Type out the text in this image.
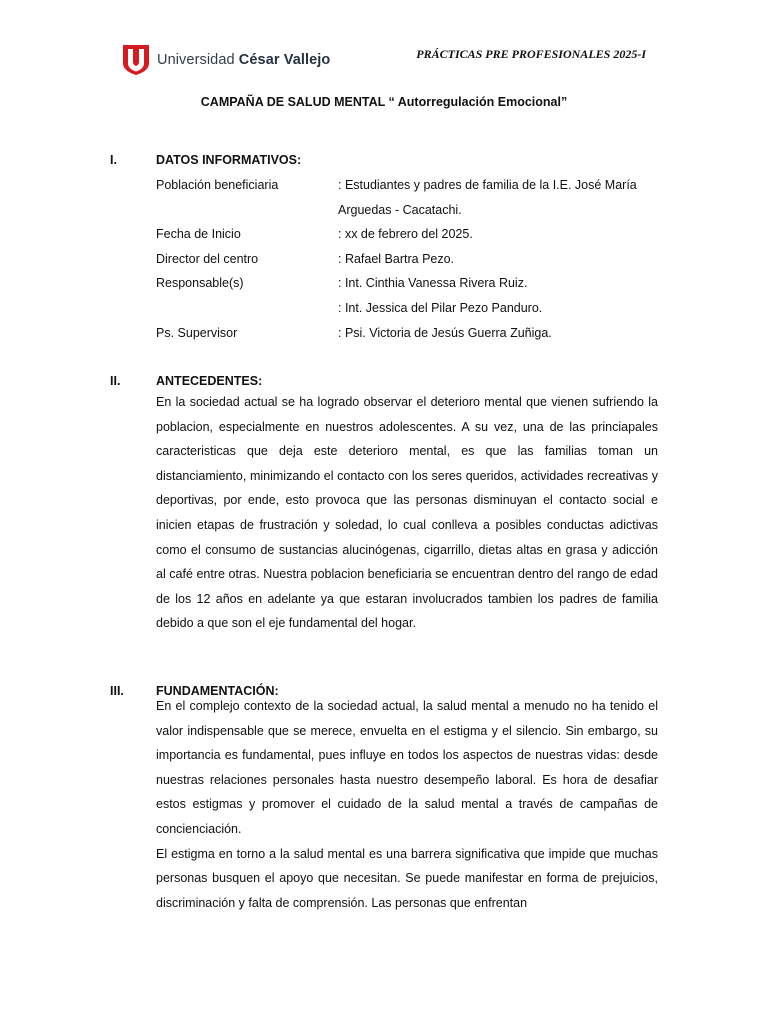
Universidad César Vallejo	PRÁCTICAS PRE PROFESIONALES 2025-I
CAMPAÑA DE SALUD MENTAL “ Autorregulación Emocional”
I.	DATOS INFORMATIVOS:
Población beneficiaria	: Estudiantes y padres de familia de la I.E. José María Arguedas - Cacatachi.
Fecha de Inicio	: xx de febrero del 2025.
Director del centro	: Rafael Bartra Pezo.
Responsable(s)	: Int. Cinthia Vanessa Rivera Ruiz.
: Int. Jessica del Pilar Pezo Panduro.
Ps. Supervisor	: Psi. Victoria de Jesús Guerra Zuñiga.
II.	ANTECEDENTES:
En la sociedad actual se ha logrado observar el deterioro mental que vienen sufriendo la poblacion, especialmente en nuestros adolescentes. A su vez, una de las princiapales caracteristicas que deja este deterioro mental, es que las familias toman un distanciamiento, minimizando el contacto con los seres queridos, actividades recreativas y deportivas, por ende, esto provoca que las personas disminuyan el contacto social e inicien etapas de frustración y soledad, lo cual conlleva a posibles conductas adictivas como el consumo de sustancias alucinógenas, cigarrillo, dietas altas en grasa y adicción al café entre otras. Nuestra poblacion beneficiaria se encuentran dentro del rango de edad de los 12 años en adelante ya que estaran involucrados tambien los padres de familia debido a que son el eje fundamental del hogar.
III.	FUNDAMENTACIÓN:
En el complejo contexto de la sociedad actual, la salud mental a menudo no ha tenido el valor indispensable que se merece, envuelta en el estigma y el silencio. Sin embargo, su importancia es fundamental, pues influye en todos los aspectos de nuestras vidas: desde nuestras relaciones personales hasta nuestro desempeño laboral. Es hora de desafiar estos estigmas y promover el cuidado de la salud mental a través de campañas de concienciación.
El estigma en torno a la salud mental es una barrera significativa que impide que muchas personas busquen el apoyo que necesitan. Se puede manifestar en forma de prejuicios, discriminación y falta de comprensión. Las personas que enfrentan
